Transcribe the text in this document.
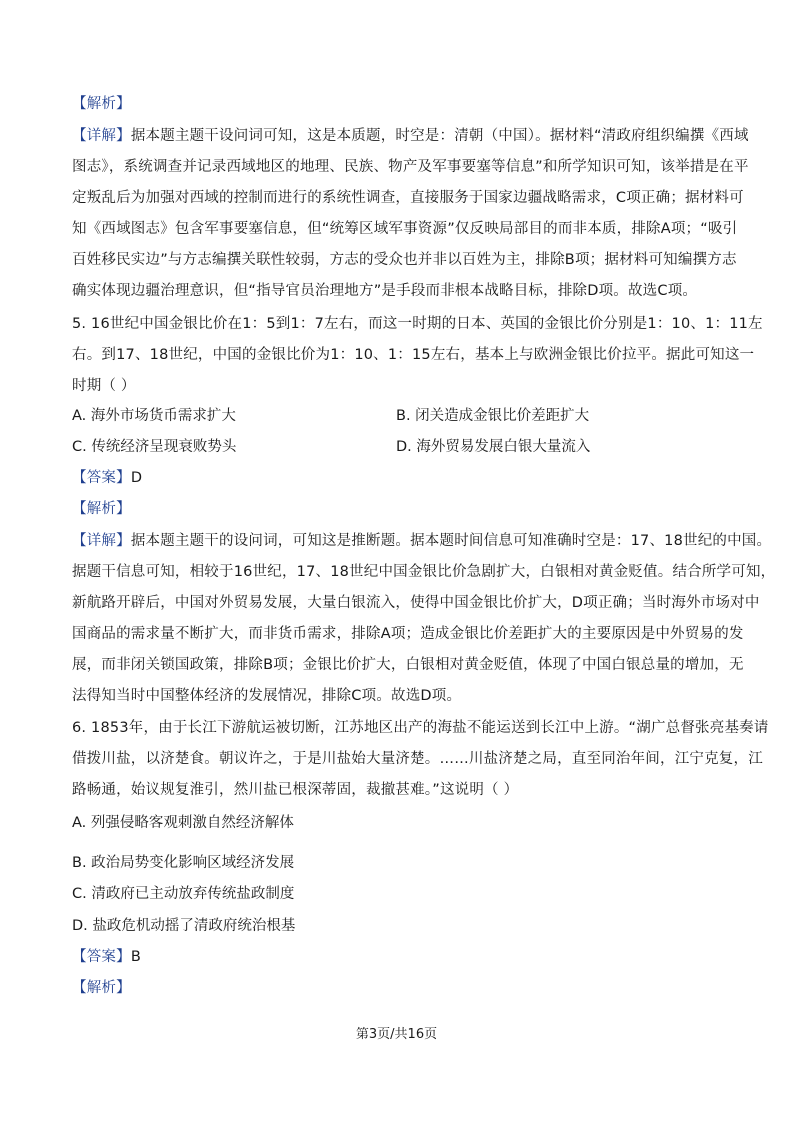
【解析】
【详解】据本题主题干设问词可知，这是本质题，时空是：清朝（中国）。据材料“清政府组织编撰《西域
图志》，系统调查并记录西域地区的地理、民族、物产及军事要塞等信息”和所学知识可知，该举措是在平
定叛乱后为加强对西域的控制而进行的系统性调查，直接服务于国家边疆战略需求，C项正确；据材料可
知《西域图志》包含军事要塞信息，但“统筹区域军事资源”仅反映局部目的而非本质，排除A项；“吸引
百姓移民实边”与方志编撰关联性较弱，方志的受众也并非以百姓为主，排除B项；据材料可知编撰方志
确实体现边疆治理意识，但“指导官员治理地方”是手段而非根本战略目标，排除D项。故选C项。
5. 16世纪中国金银比价在1：5到1：7左右，而这一时期的日本、英国的金银比价分别是1：10、1：11左
右。到17、18世纪，中国的金银比价为1：10、1：15左右，基本上与欧洲金银比价拉平。据此可知这一
时期（ ）
A. 海外市场货币需求扩大	B. 闭关造成金银比价差距扩大
C. 传统经济呈现衰败势头	D. 海外贸易发展白银大量流入
【答案】D
【解析】
【详解】据本题主题干的设问词，可知这是推断题。据本题时间信息可知准确时空是：17、18世纪的中国。
据题干信息可知，相较于16世纪，17、18世纪中国金银比价急剧扩大，白银相对黄金贬值。结合所学可知，
新航路开辟后，中国对外贸易发展，大量白银流入，使得中国金银比价扩大，D项正确；当时海外市场对中
国商品的需求量不断扩大，而非货币需求，排除A项；造成金银比价差距扩大的主要原因是中外贸易的发
展，而非闭关锁国政策，排除B项；金银比价扩大，白银相对黄金贬值，体现了中国白银总量的增加，无
法得知当时中国整体经济的发展情况，排除C项。故选D项。
6. 1853年，由于长江下游航运被切断，江苏地区出产的海盐不能运送到长江中上游。“湖广总督张亮基奏请
借拨川盐，以济楚食。朝议许之，于是川盐始大量济楚。……川盐济楚之局，直至同治年间，江宁克复，江
路畅通，始议规复淮引，然川盐已根深蒂固，裁撤甚难。”这说明（ ）
A. 列强侵略客观刺激自然经济解体
B. 政治局势变化影响区域经济发展
C. 清政府已主动放弃传统盐政制度
D. 盐政危机动摇了清政府统治根基
【答案】B
【解析】
第3页/共16页
